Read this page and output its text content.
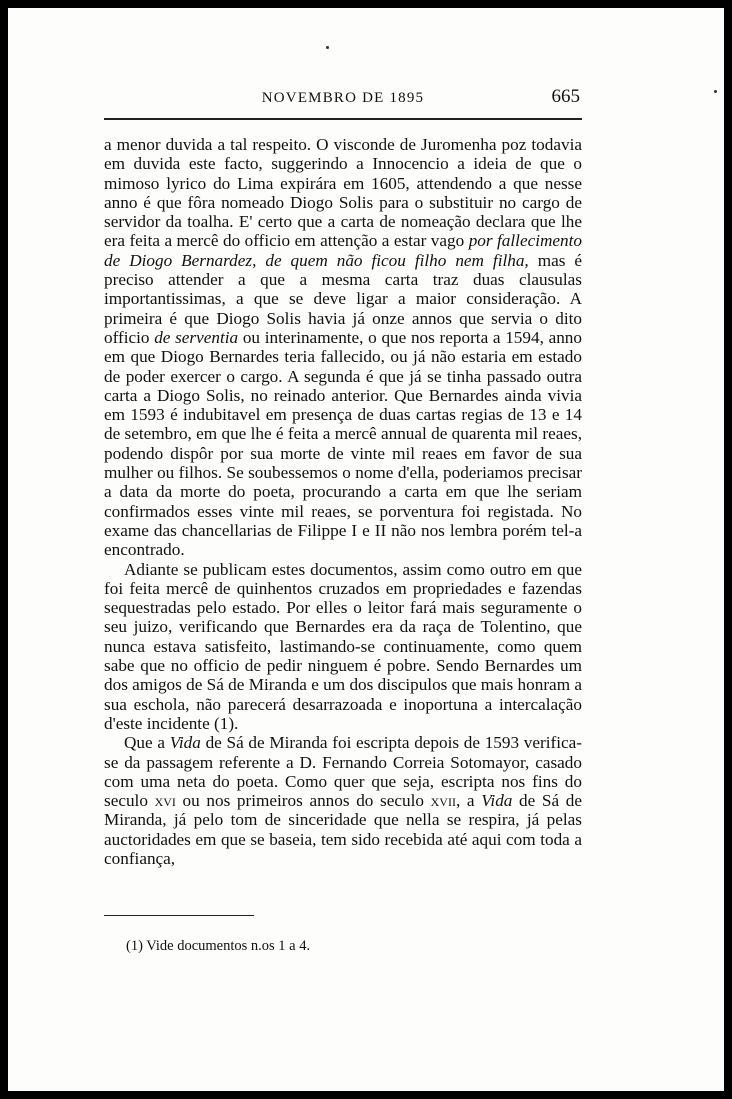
NOVEMBRO DE 1895	665

a menor duvida a tal respeito. O visconde de Juromenha poz todavia em duvida este facto, suggerindo a Innocencio a ideia de que o mimoso lyrico do Lima expirára em 1605, attendendo a que nesse anno é que fôra nomeado Diogo Solis para o substituir no cargo de servidor da toalha. E' certo que a carta de nomeação declara que lhe era feita a mercê do officio em attenção a estar vago por fallecimento de Diogo Bernardez, de quem não ficou filho nem filha, mas é preciso attender a que a mesma carta traz duas clausulas importantissimas, a que se deve ligar a maior consideração. A primeira é que Diogo Solis havia já onze annos que servia o dito officio de serventia ou interinamente, o que nos reporta a 1594, anno em que Diogo Bernardes teria fallecido, ou já não estaria em estado de poder exercer o cargo. A segunda é que já se tinha passado outra carta a Diogo Solis, no reinado anterior. Que Bernardes ainda vivia em 1593 é indubitavel em presença de duas cartas regias de 13 e 14 de setembro, em que lhe é feita a mercê annual de quarenta mil reaes, podendo dispôr por sua morte de vinte mil reaes em favor de sua mulher ou filhos. Se soubessemos o nome d'ella, poderiamos precisar a data da morte do poeta, procurando a carta em que lhe seriam confirmados esses vinte mil reaes, se porventura foi registada. No exame das chancellarias de Filippe I e II não nos lembra porém tel-a encontrado.

Adiante se publicam estes documentos, assim como outro em que foi feita mercê de quinhentos cruzados em propriedades e fazendas sequestradas pelo estado. Por elles o leitor fará mais seguramente o seu juizo, verificando que Bernardes era da raça de Tolentino, que nunca estava satisfeito, lastimando-se continuamente, como quem sabe que no officio de pedir ninguem é pobre. Sendo Bernardes um dos amigos de Sá de Miranda e um dos discipulos que mais honram a sua eschola, não parecerá desarrazoada e inoportuna a intercalação d'este incidente (1).

Que a Vida de Sá de Miranda foi escripta depois de 1593 verifica-se da passagem referente a D. Fernando Correia Sotomayor, casado com uma neta do poeta. Como quer que seja, escripta nos fins do seculo xvi ou nos primeiros annos do seculo xvii, a Vida de Sá de Miranda, já pelo tom de sinceridade que nella se respira, já pelas auctoridades em que se baseia, tem sido recebida até aqui com toda a confiança,

(1) Vide documentos n.os 1 a 4.
